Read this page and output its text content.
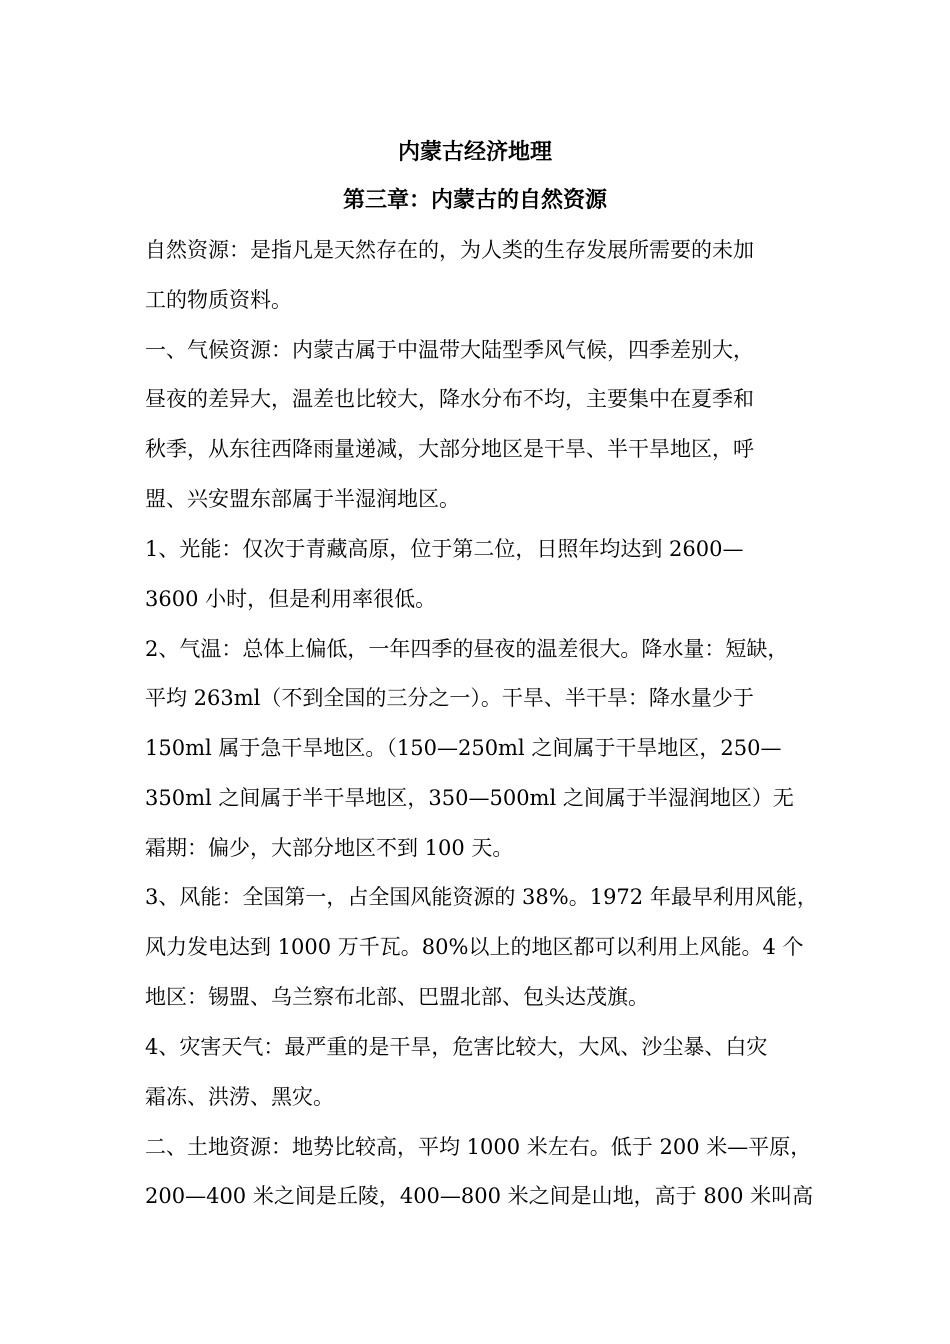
内蒙古经济地理
第三章：内蒙古的自然资源
自然资源：是指凡是天然存在的，为人类的生存发展所需要的未加
工的物质资料。
一、气候资源：内蒙古属于中温带大陆型季风气候，四季差别大，
昼夜的差异大，温差也比较大，降水分布不均，主要集中在夏季和
秋季，从东往西降雨量递减，大部分地区是干旱、半干旱地区，呼
盟、兴安盟东部属于半湿润地区。
1、光能：仅次于青藏高原，位于第二位，日照年均达到 2600—
3600 小时，但是利用率很低。
2、气温：总体上偏低，一年四季的昼夜的温差很大。降水量：短缺，
平均 263ml（不到全国的三分之一）。干旱、半干旱：降水量少于
150ml 属于急干旱地区。（150—250ml 之间属于干旱地区，250—
350ml 之间属于半干旱地区，350—500ml 之间属于半湿润地区）无
霜期：偏少，大部分地区不到 100 天。
3、风能：全国第一，占全国风能资源的 38%。1972 年最早利用风能，
风力发电达到 1000 万千瓦。80%以上的地区都可以利用上风能。4 个
地区：锡盟、乌兰察布北部、巴盟北部、包头达茂旗。
4、灾害天气：最严重的是干旱，危害比较大，大风、沙尘暴、白灾
霜冻、洪涝、黑灾。
二、土地资源：地势比较高，平均 1000 米左右。低于 200 米—平原，
200—400 米之间是丘陵，400—800 米之间是山地，高于 800 米叫高
